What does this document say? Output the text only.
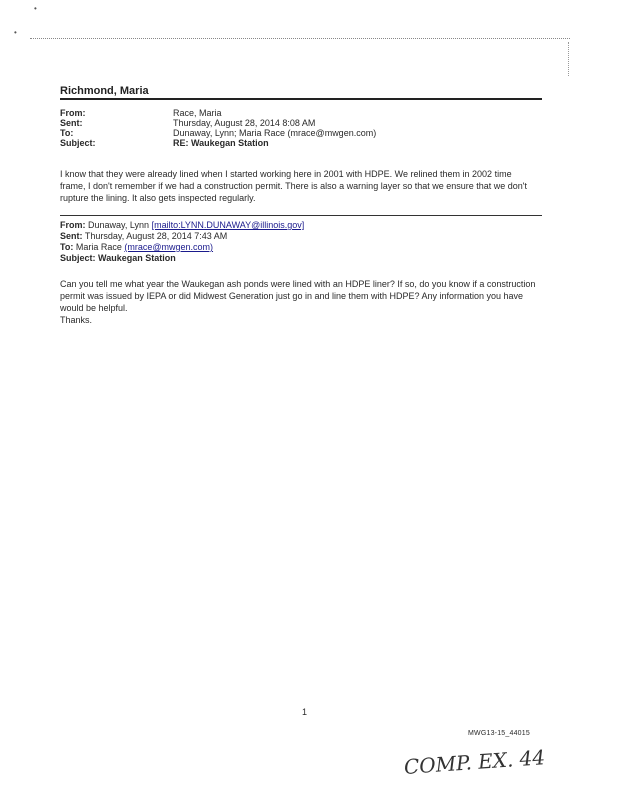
•
•
Richmond, Maria
From:	Race, Maria
Sent:	Thursday, August 28, 2014 8:08 AM
To:	Dunaway, Lynn; Maria Race (mrace@mwgen.com)
Subject:	RE: Waukegan Station
I know that they were already lined when I started working here in 2001 with HDPE. We relined them in 2002 time
frame, I don't remember if we had a construction permit. There is also a warning layer so that we ensure that we don't
rupture the lining. It also gets inspected regularly.
From: Dunaway, Lynn [mailto:LYNN.DUNAWAY@illinois.gov]
Sent: Thursday, August 28, 2014 7:43 AM
To: Maria Race (mrace@mwgen.com)
Subject: Waukegan Station
Can you tell me what year the Waukegan ash ponds were lined with an HDPE liner? If so, do you know if a construction
permit was issued by IEPA or did Midwest Generation just go in and line them with HDPE? Any information you have
would be helpful.
Thanks.
1
MWG13-15_44015
COMP. EX. 44
